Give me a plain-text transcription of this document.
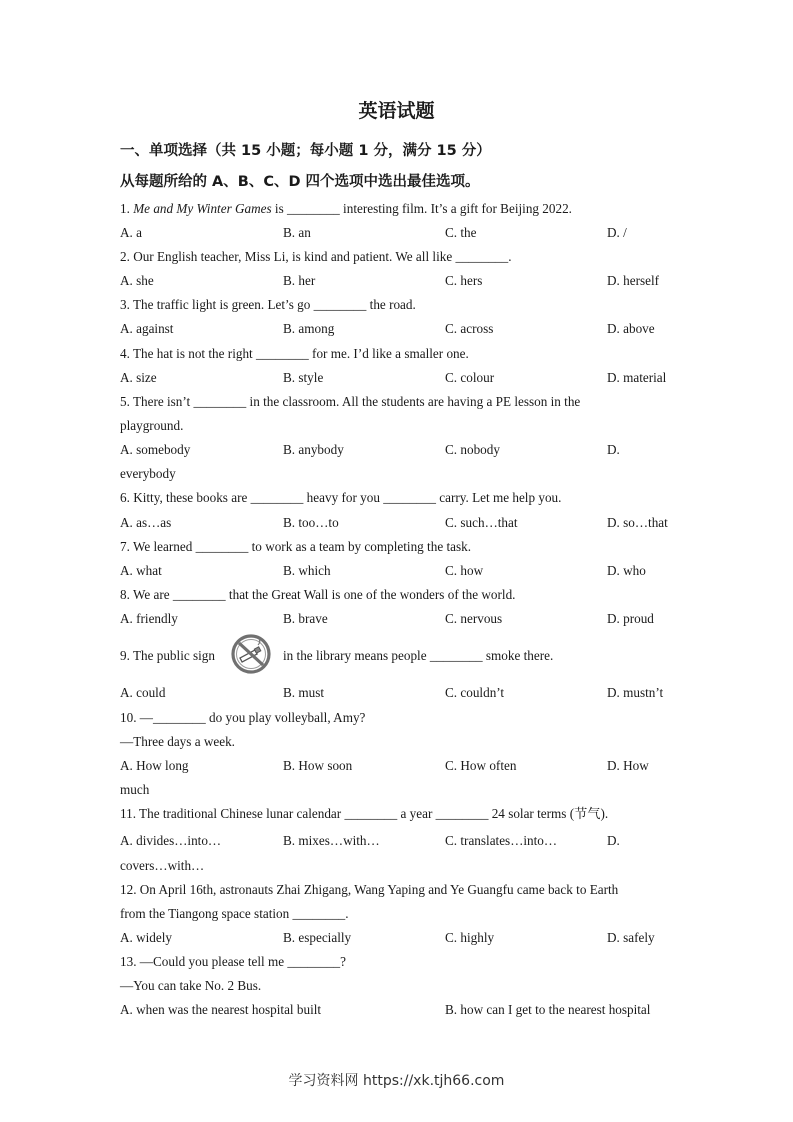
英语试题
一、单项选择（共 15 小题；每小题 1 分，满分 15 分）
从每题所给的 A、B、C、D 四个选项中选出最佳选项。
1. Me and My Winter Games is ________ interesting film. It’s a gift for Beijing 2022.
A. a	B. an	C. the	D. /
2. Our English teacher, Miss Li, is kind and patient. We all like ________.
A. she	B. her	C. hers	D. herself
3. The traffic light is green. Let’s go ________ the road.
A. against	B. among	C. across	D. above
4. The hat is not the right ________ for me. I’d like a smaller one.
A. size	B. style	C. colour	D. material
5. There isn’t ________ in the classroom. All the students are having a PE lesson in the
playground.
A. somebody	B. anybody	C. nobody	D.
everybody
6. Kitty, these books are ________ heavy for you ________ carry. Let me help you.
A. as…as	B. too…to	C. such…that	D. so…that
7. We learned ________ to work as a team by completing the task.
A. what	B. which	C. how	D. who
8. We are ________ that the Great Wall is one of the wonders of the world.
A. friendly	B. brave	C. nervous	D. proud
9. The public sign	in the library means people ________ smoke there.
A. could	B. must	C. couldn’t	D. mustn’t
10. —________ do you play volleyball, Amy?
—Three days a week.
A. How long	B. How soon	C. How often	D. How
much
11. The traditional Chinese lunar calendar ________ a year ________ 24 solar terms (节气).
A. divides…into…	B. mixes…with…	C. translates…into…	D.
covers…with…
12. On April 16th, astronauts Zhai Zhigang, Wang Yaping and Ye Guangfu came back to Earth
from the Tiangong space station ________.
A. widely	B. especially	C. highly	D. safely
13. —Could you please tell me ________?
—You can take No. 2 Bus.
A. when was the nearest hospital built	B. how can I get to the nearest hospital
学习资料网 https://xk.tjh66.com
